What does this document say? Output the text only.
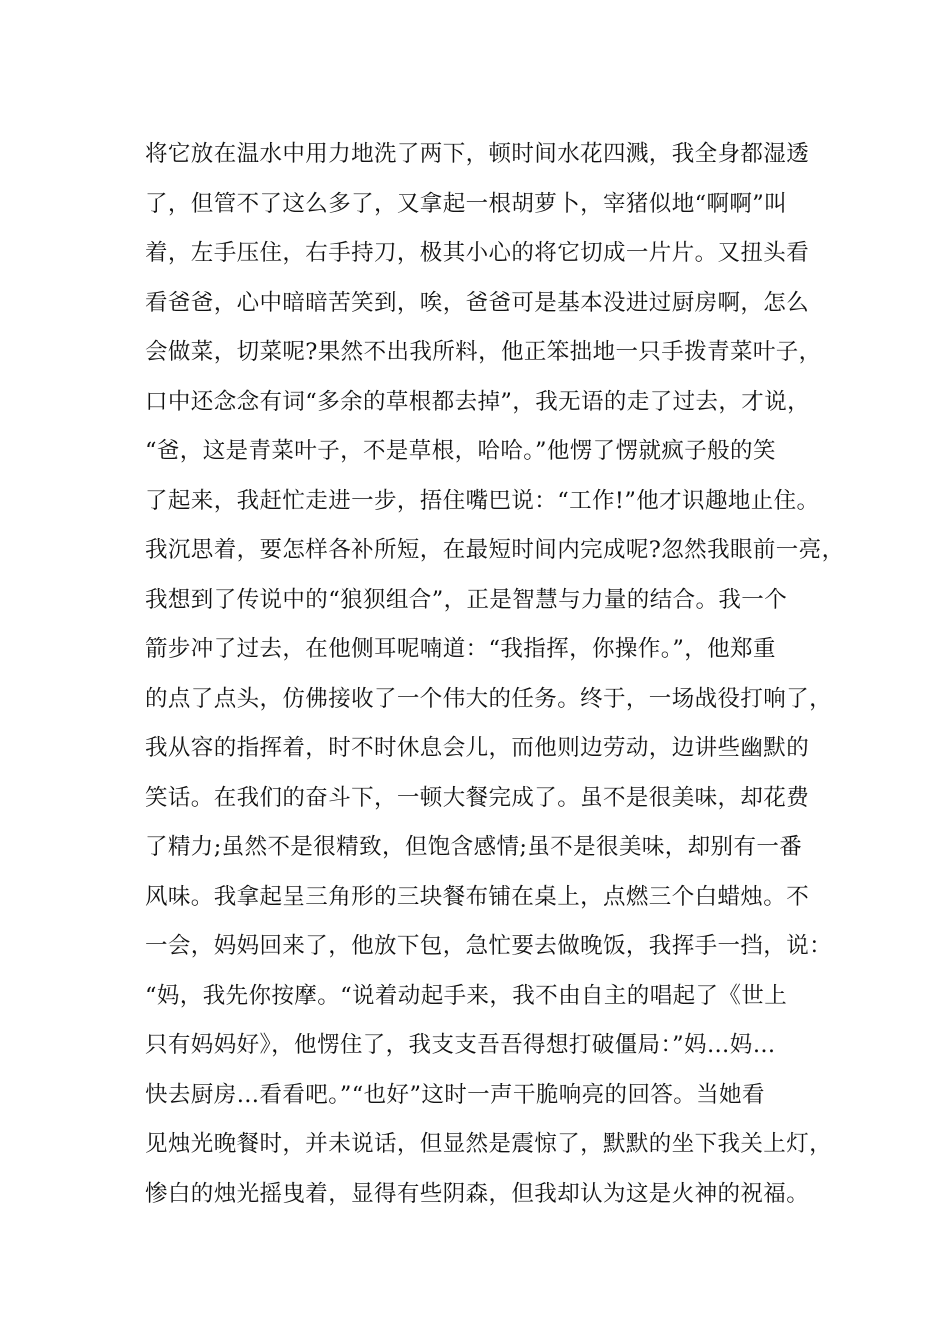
将它放在温水中用力地洗了两下，顿时间水花四溅，我全身都湿透
了，但管不了这么多了，又拿起一根胡萝卜，宰猪似地“啊啊”叫
着，左手压住，右手持刀，极其小心的将它切成一片片。又扭头看
看爸爸，心中暗暗苦笑到，唉，爸爸可是基本没进过厨房啊，怎么
会做菜，切菜呢?果然不出我所料，他正笨拙地一只手拨青菜叶子，
口中还念念有词“多余的草根都去掉”，我无语的走了过去，才说，
“爸，这是青菜叶子，不是草根，哈哈。”他愣了愣就疯子般的笑
了起来，我赶忙走进一步，捂住嘴巴说：“工作!”他才识趣地止住。
我沉思着，要怎样各补所短，在最短时间内完成呢?忽然我眼前一亮，
我想到了传说中的“狼狈组合”，正是智慧与力量的结合。我一个
箭步冲了过去，在他侧耳呢喃道：“我指挥，你操作。”，他郑重
的点了点头，仿佛接收了一个伟大的任务。终于，一场战役打响了，
我从容的指挥着，时不时休息会儿，而他则边劳动，边讲些幽默的
笑话。在我们的奋斗下，一顿大餐完成了。虽不是很美味，却花费
了精力;虽然不是很精致，但饱含感情;虽不是很美味，却别有一番
风味。我拿起呈三角形的三块餐布铺在桌上，点燃三个白蜡烛。不
一会，妈妈回来了，他放下包，急忙要去做晚饭，我挥手一挡，说：
“妈，我先你按摩。“说着动起手来，我不由自主的唱起了《世上
只有妈妈好》，他愣住了，我支支吾吾得想打破僵局：”妈…妈…
快去厨房…看看吧。”“也好”这时一声干脆响亮的回答。当她看
见烛光晚餐时，并未说话，但显然是震惊了，默默的坐下我关上灯，
惨白的烛光摇曳着，显得有些阴森，但我却认为这是火神的祝福。
